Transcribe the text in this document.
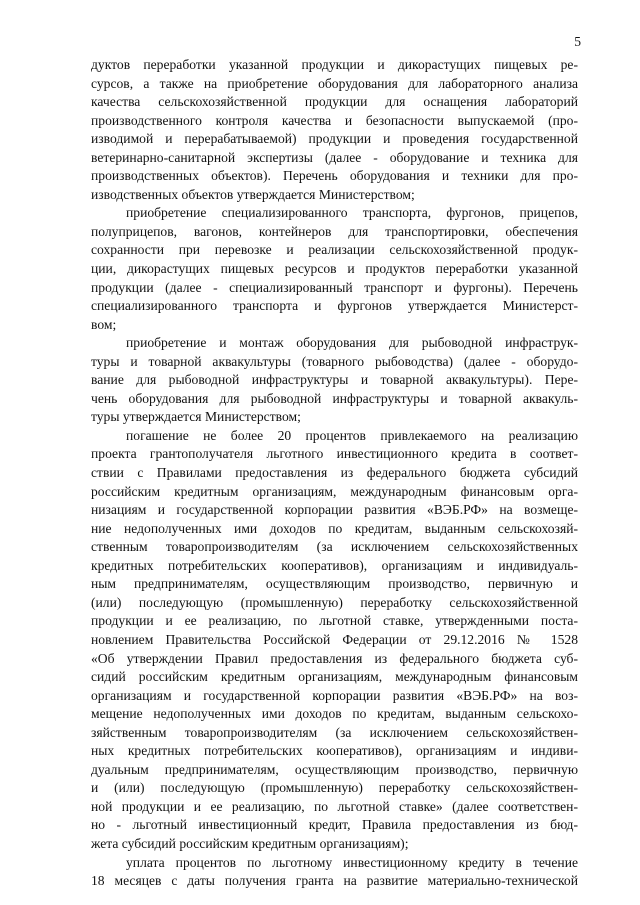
5
дуктов переработки указанной продукции и дикорастущих пищевых ре-
сурсов, а также на приобретение оборудования для лабораторного анализа
качества сельскохозяйственной продукции для оснащения лабораторий
производственного контроля качества и безопасности выпускаемой (про-
изводимой и перерабатываемой) продукции и проведения государственной
ветеринарно-санитарной экспертизы (далее - оборудование и техника для
производственных объектов). Перечень оборудования и техники для про-
изводственных объектов утверждается Министерством;
приобретение специализированного транспорта, фургонов, прицепов,
полуприцепов, вагонов, контейнеров для транспортировки, обеспечения
сохранности при перевозке и реализации сельскохозяйственной продук-
ции, дикорастущих пищевых ресурсов и продуктов переработки указанной
продукции (далее - специализированный транспорт и фургоны). Перечень
специализированного транспорта и фургонов утверждается Министерст-
вом;
приобретение и монтаж оборудования для рыбоводной инфраструк-
туры и товарной аквакультуры (товарного рыбоводства) (далее - оборудо-
вание для рыбоводной инфраструктуры и товарной аквакультуры). Пере-
чень оборудования для рыбоводной инфраструктуры и товарной аквакуль-
туры утверждается Министерством;
погашение не более 20 процентов привлекаемого на реализацию
проекта грантополучателя льготного инвестиционного кредита в соответ-
ствии с Правилами предоставления из федерального бюджета субсидий
российским кредитным организациям, международным финансовым орга-
низациям и государственной корпорации развития «ВЭБ.РФ» на возмеще-
ние недополученных ими доходов по кредитам, выданным сельскохозяй-
ственным товаропроизводителям (за исключением сельскохозяйственных
кредитных потребительских кооперативов), организациям и индивидуаль-
ным предпринимателям, осуществляющим производство, первичную и
(или) последующую (промышленную) переработку сельскохозяйственной
продукции и ее реализацию, по льготной ставке, утвержденными поста-
новлением Правительства Российской Федерации от 29.12.2016 № 1528
«Об утверждении Правил предоставления из федерального бюджета суб-
сидий российским кредитным организациям, международным финансовым
организациям и государственной корпорации развития «ВЭБ.РФ» на воз-
мещение недополученных ими доходов по кредитам, выданным сельскохо-
зяйственным товаропроизводителям (за исключением сельскохозяйствен-
ных кредитных потребительских кооперативов), организациям и индиви-
дуальным предпринимателям, осуществляющим производство, первичную
и (или) последующую (промышленную) переработку сельскохозяйствен-
ной продукции и ее реализацию, по льготной ставке» (далее соответствен-
но - льготный инвестиционный кредит, Правила предоставления из бюд-
жета субсидий российским кредитным организациям);
уплата процентов по льготному инвестиционному кредиту в течение
18 месяцев с даты получения гранта на развитие материально-технической
